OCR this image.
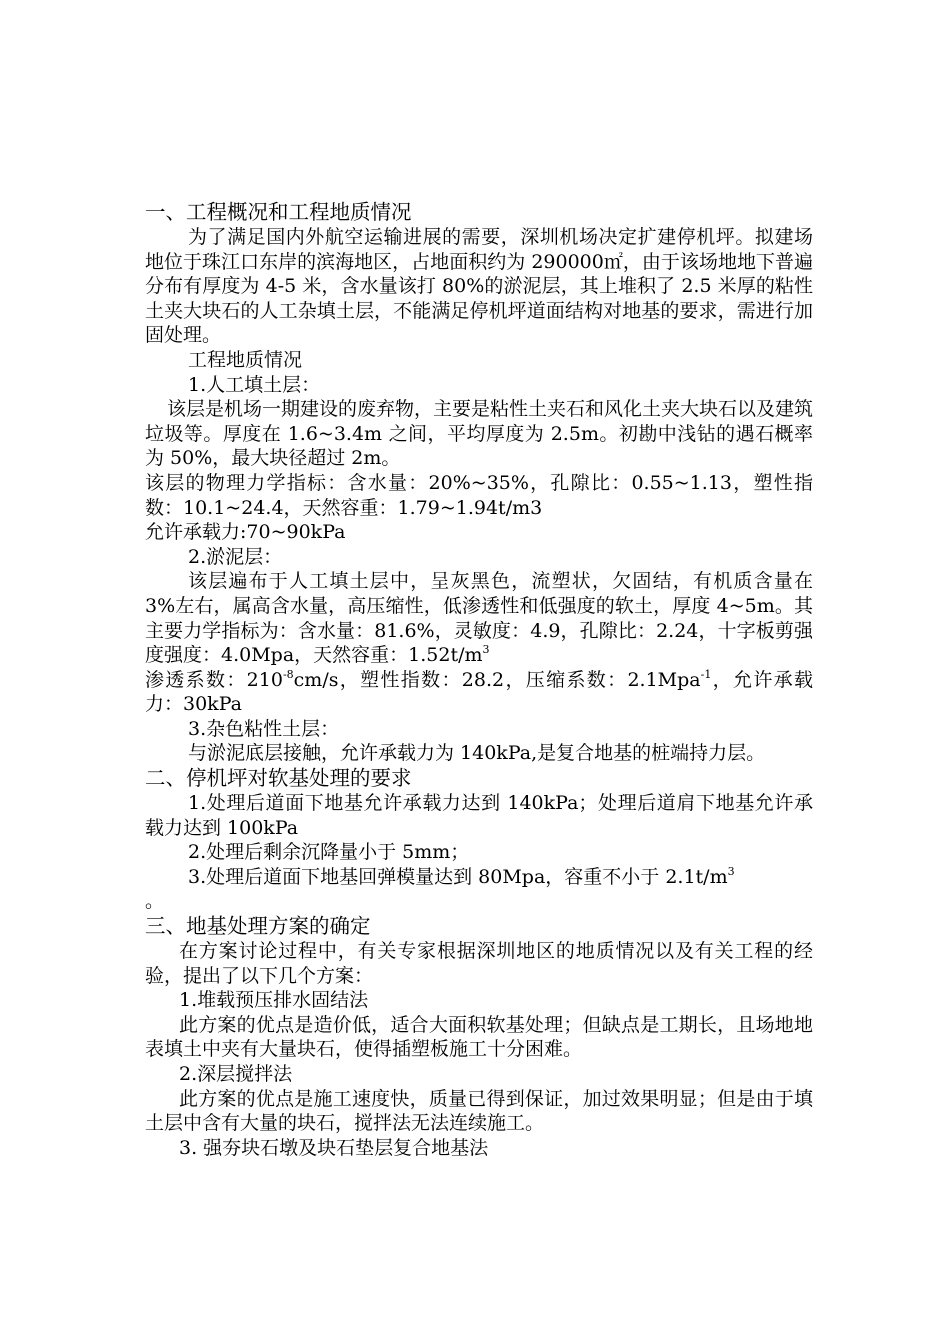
一、工程概况和工程地质情况

为了满足国内外航空运输进展的需要，深圳机场决定扩建停机坪。拟建场地位于珠江口东岸的滨海地区，占地面积约为 290000㎡，由于该场地地下普遍分布有厚度为 4-5 米，含水量该打 80%的淤泥层，其上堆积了 2.5 米厚的粘性土夹大块石的人工杂填土层，不能满足停机坪道面结构对地基的要求，需进行加固处理。

工程地质情况

1.人工填土层：

该层是机场一期建设的废弃物，主要是粘性土夹石和风化土夹大块石以及建筑垃圾等。厚度在 1.6~3.4m 之间，平均厚度为 2.5m。初勘中浅钻的遇石概率为 50%，最大块径超过 2m。

该层的物理力学指标：含水量：20%~35%，孔隙比：0.55~1.13，塑性指数：10.1~24.4，天然容重：1.79~1.94t/m3

允许承载力:70~90kPa

2.淤泥层：

该层遍布于人工填土层中，呈灰黑色，流塑状，欠固结，有机质含量在 3%左右，属高含水量，高压缩性，低渗透性和低强度的软土，厚度 4~5m。其主要力学指标为：含水量：81.6%，灵敏度：4.9，孔隙比：2.24，十字板剪强度强度：4.0Mpa，天然容重：$1.52t/m^3$

渗透系数：$210^{-8}cm/s$，塑性指数：28.2，压缩系数：2.1Mpa$^{-1}$，允许承载力：30kPa

3.杂色粘性土层：

与淤泥底层接触，允许承载力为 140kPa,是复合地基的桩端持力层。

二、停机坪对软基处理的要求

1.处理后道面下地基允许承载力达到 140kPa；处理后道肩下地基允许承载力达到 100kPa

2.处理后剩余沉降量小于 5mm；

3.处理后道面下地基回弹模量达到 80Mpa，容重不小于 $2.1t/m^3$
。

三、地基处理方案的确定

在方案讨论过程中，有关专家根据深圳地区的地质情况以及有关工程的经验，提出了以下几个方案：

1.堆载预压排水固结法

此方案的优点是造价低，适合大面积软基处理；但缺点是工期长，且场地地表填土中夹有大量块石，使得插塑板施工十分困难。

2.深层搅拌法

此方案的优点是施工速度快，质量已得到保证，加过效果明显；但是由于填土层中含有大量的块石，搅拌法无法连续施工。

3. 强夯块石墩及块石垫层复合地基法
